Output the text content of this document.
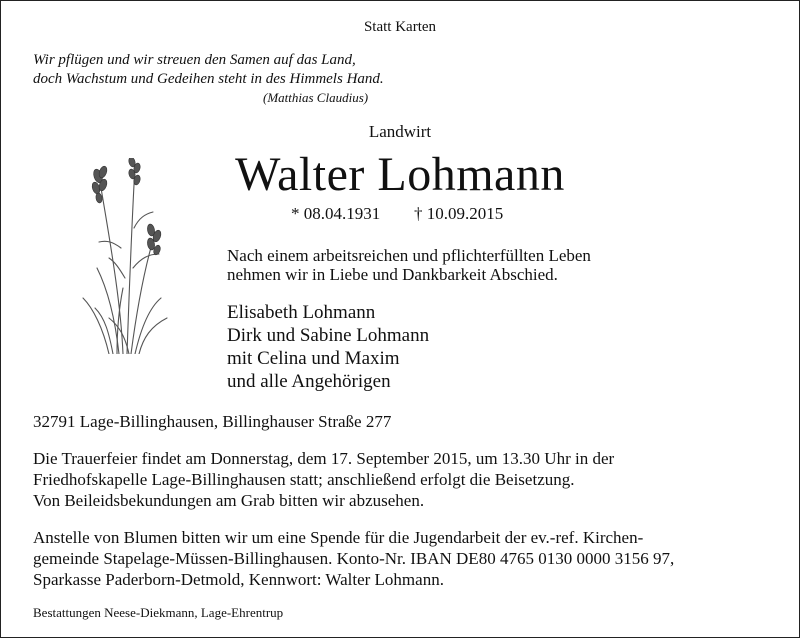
Statt Karten
Wir pflügen und wir streuen den Samen auf das Land,
doch Wachstum und Gedeihen steht in des Himmels Hand.
(Matthias Claudius)
Landwirt
Walter Lohmann
* 08.04.1931 † 10.09.2015
Nach einem arbeitsreichen und pflichterfüllten Leben
nehmen wir in Liebe und Dankbarkeit Abschied.
Elisabeth Lohmann
Dirk und Sabine Lohmann
mit Celina und Maxim
und alle Angehörigen
32791 Lage-Billinghausen, Billinghauser Straße 277
Die Trauerfeier findet am Donnerstag, dem 17. September 2015, um 13.30 Uhr in der
Friedhofskapelle Lage-Billinghausen statt; anschließend erfolgt die Beisetzung.
Von Beileidsbekundungen am Grab bitten wir abzusehen.
Anstelle von Blumen bitten wir um eine Spende für die Jugendarbeit der ev.-ref. Kirchen-
gemeinde Stapelage-Müssen-Billinghausen. Konto-Nr. IBAN DE80 4765 0130 0000 3156 97,
Sparkasse Paderborn-Detmold, Kennwort: Walter Lohmann.
Bestattungen Neese-Diekmann, Lage-Ehrentrup
